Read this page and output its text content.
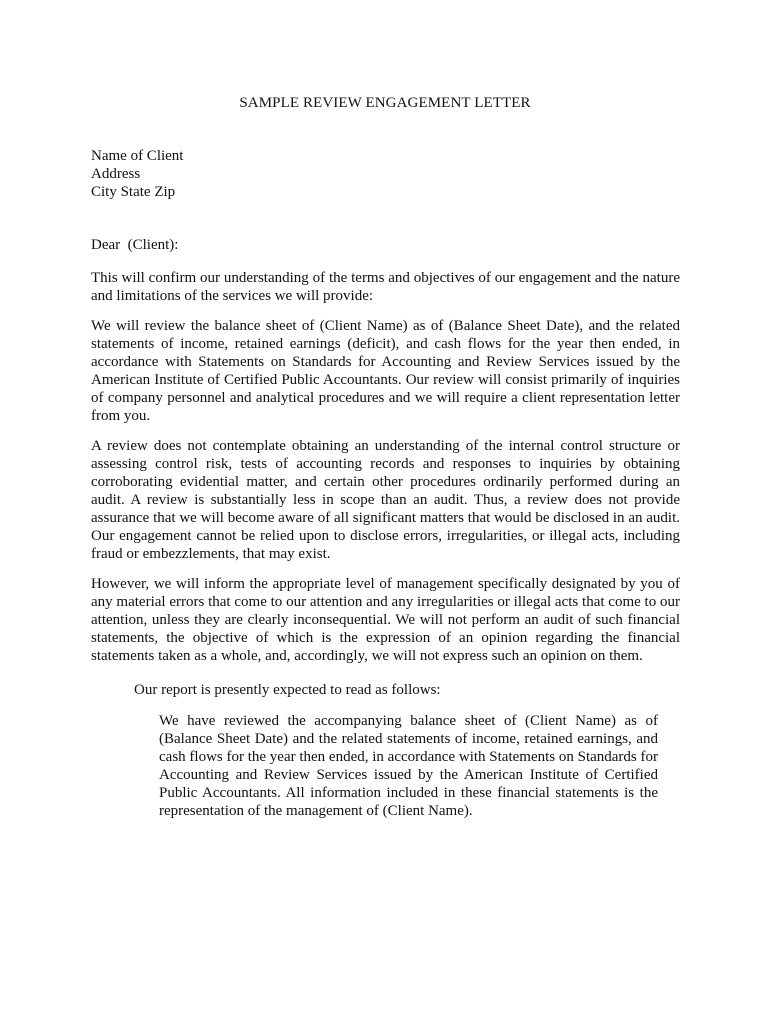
SAMPLE REVIEW ENGAGEMENT LETTER
Name of Client
Address
City State Zip
Dear  (Client):

This will confirm our understanding of the terms and objectives of our engagement and the nature and limitations of the services we will provide:

We will review the balance sheet of (Client Name) as of (Balance Sheet Date), and the related statements of income, retained earnings (deficit), and cash flows for the year then ended, in accordance with Statements on Standards for Accounting and Review Services issued by the American Institute of Certified Public Accountants. Our review will consist primarily of inquiries of company personnel and analytical procedures and we will require a client representation letter from you.

A review does not contemplate obtaining an understanding of the internal control structure or assessing control risk, tests of accounting records and responses to inquiries by obtaining corroborating evidential matter, and certain other procedures ordinarily performed during an audit. A review is substantially less in scope than an audit. Thus, a review does not provide assurance that we will become aware of all significant matters that would be disclosed in an audit. Our engagement cannot be relied upon to disclose errors, irregularities, or illegal acts, including fraud or embezzlements, that may exist.

However, we will inform the appropriate level of management specifically designated by you of any material errors that come to our attention and any irregularities or illegal acts that come to our attention, unless they are clearly inconsequential. We will not perform an audit of such financial statements, the objective of which is the expression of an opinion regarding the financial statements taken as a whole, and, accordingly, we will not express such an opinion on them.

Our report is presently expected to read as follows:

We have reviewed the accompanying balance sheet of (Client Name) as of (Balance Sheet Date) and the related statements of income, retained earnings, and cash flows for the year then ended, in accordance with Statements on Standards for Accounting and Review Services issued by the American Institute of Certified Public Accountants. All information included in these financial statements is the representation of the management of (Client Name).
